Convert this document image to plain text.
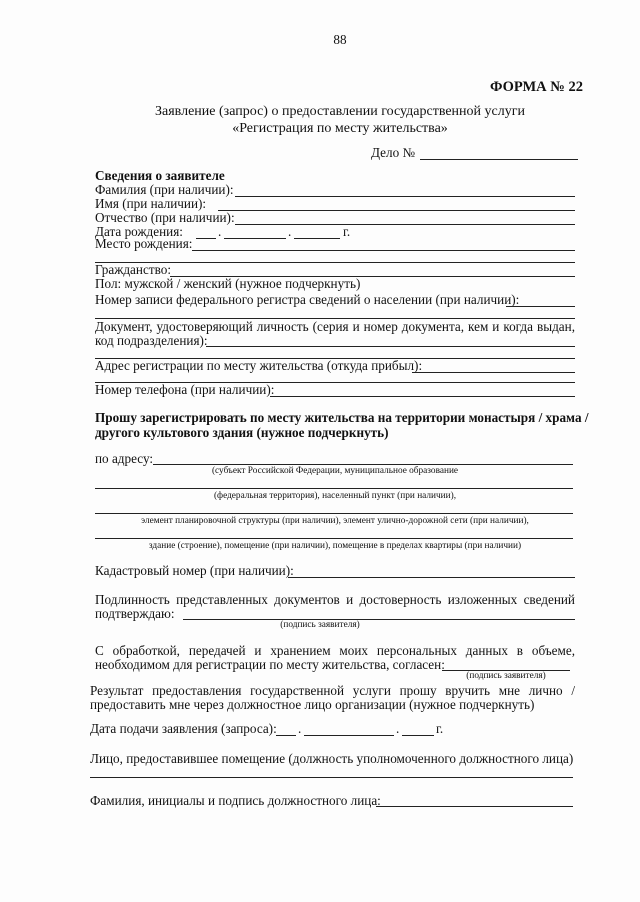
88
ФОРМА № 22
Заявление (запрос) о предоставлении государственной услуги
«Регистрация по месту жительства»
Дело №
Сведения о заявителе
Фамилия (при наличии):
Имя (при наличии):
Отчество (при наличии):
Дата рождения:	.	.	г.
Место рождения:
Гражданство:
Пол: мужской / женский (нужное подчеркнуть)
Номер записи федерального регистра сведений о населении (при наличии):
Документ, удостоверяющий личность (серия и номер документа, кем и когда выдан,
код подразделения):
Адрес регистрации по месту жительства (откуда прибыл):
Номер телефона (при наличии):
Прошу зарегистрировать по месту жительства на территории монастыря / храма /
другого культового здания (нужное подчеркнуть)
по адресу:
(субъект Российской Федерации, муниципальное образование
(федеральная территория), населенный пункт (при наличии),
элемент планировочной структуры (при наличии), элемент улично-дорожной сети (при наличии),
здание (строение), помещение (при наличии), помещение в пределах квартиры (при наличии)
Кадастровый номер (при наличии):
Подлинность представленных документов и достоверность изложенных сведений
подтверждаю:
(подпись заявителя)
С обработкой, передачей и хранением моих персональных данных в объеме,
необходимом для регистрации по месту жительства, согласен:
(подпись заявителя)
Результат предоставления государственной услуги прошу вручить мне лично /
предоставить мне через должностное лицо организации (нужное подчеркнуть)
Дата подачи заявления (запроса): .	.	г.
Лицо, предоставившее помещение (должность уполномоченного должностного лица)
Фамилия, инициалы и подпись должностного лица:
